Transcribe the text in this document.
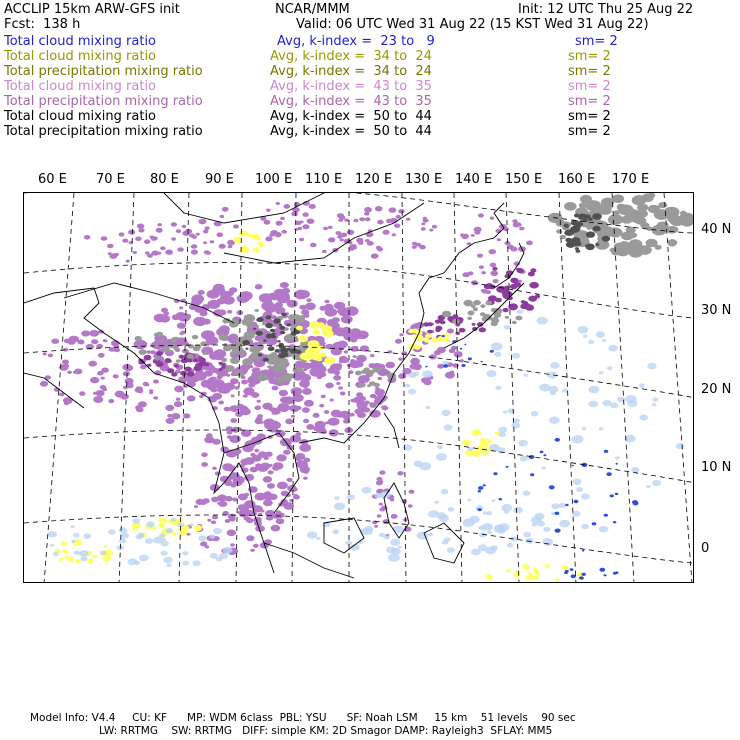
ACCLIP 15km ARW-GFS init	NCAR/MMM	Init: 12 UTC Thu 25 Aug 22
Fcst:  138 h	Valid: 06 UTC Wed 31 Aug 22 (15 KST Wed 31 Aug 22)
Total cloud mixing ratio	Avg, k-index =  23 to   9	sm= 2
Total cloud mixing ratio	Avg, k-index =  34 to  24	sm= 2
Total precipitation mixing ratio	Avg, k-index =  34 to  24	sm= 2
Total cloud mixing ratio	Avg, k-index =  43 to  35	sm= 2
Total precipitation mixing ratio	Avg, k-index =  43 to  35	sm= 2
Total cloud mixing ratio	Avg, k-index =  50 to  44	sm= 2
Total precipitation mixing ratio	Avg, k-index =  50 to  44	sm= 2
60 E 70 E 80 E 90 E 100 E 110 E 120 E 130 E 140 E 150 E 160 E 170 E
40 N
30 N
20 N
10 N
0
Model Info: V4.4     CU: KF      MP: WDM 6class  PBL: YSU      SF: Noah LSM     15 km    51 levels    90 sec
LW: RRTMG    SW: RRTMG   DIFF: simple KM: 2D Smagor DAMP: Rayleigh3  SFLAY: MM5
